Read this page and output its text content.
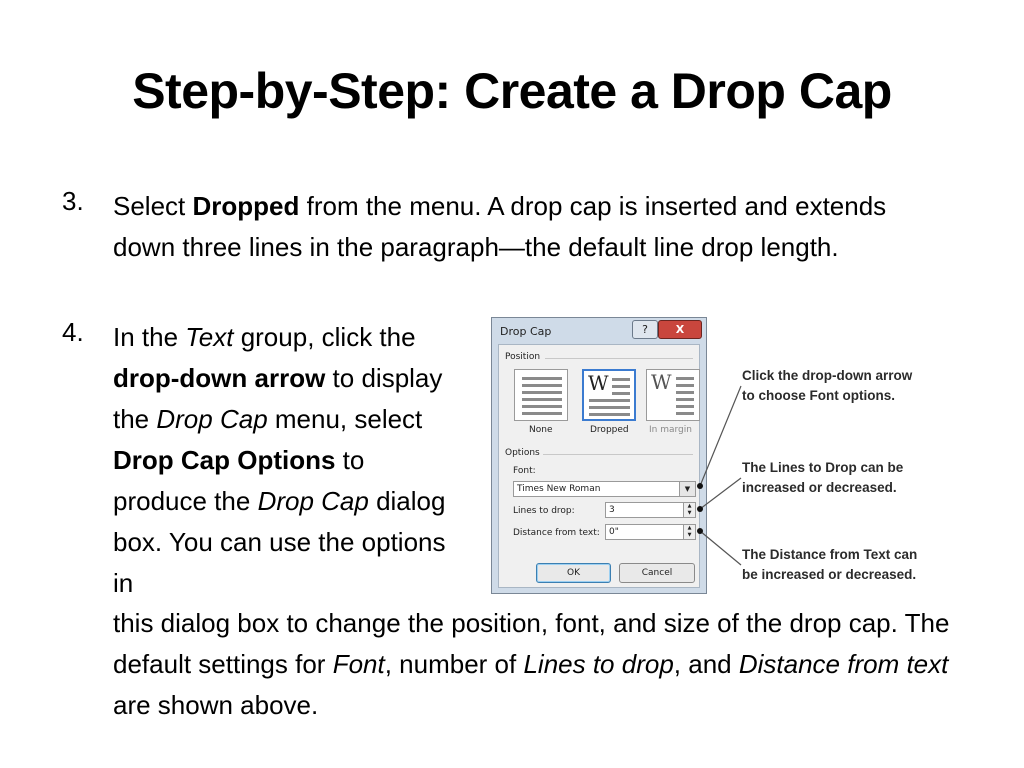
Step-by-Step: Create a Drop Cap
3. Select Dropped from the menu. A drop cap is inserted and extends down three lines in the paragraph—the default line drop length.
4. In the Text group, click the drop-down arrow to display the Drop Cap menu, select Drop Cap Options to produce the Drop Cap dialog box. You can use the options in
this dialog box to change the position, font, and size of the drop cap. The default settings for Font, number of Lines to drop, and Distance from text are shown above.
Drop Cap	?	X
Position
None
W
Dropped
W
In margin
Options
Font:
Times New Roman	▼
Lines to drop:	3	▲
▼
Distance from text:	0"	▲
▼
OK	Cancel
Click the drop-down arrow
to choose Font options.
The Lines to Drop can be
increased or decreased.
The Distance from Text can
be increased or decreased.
